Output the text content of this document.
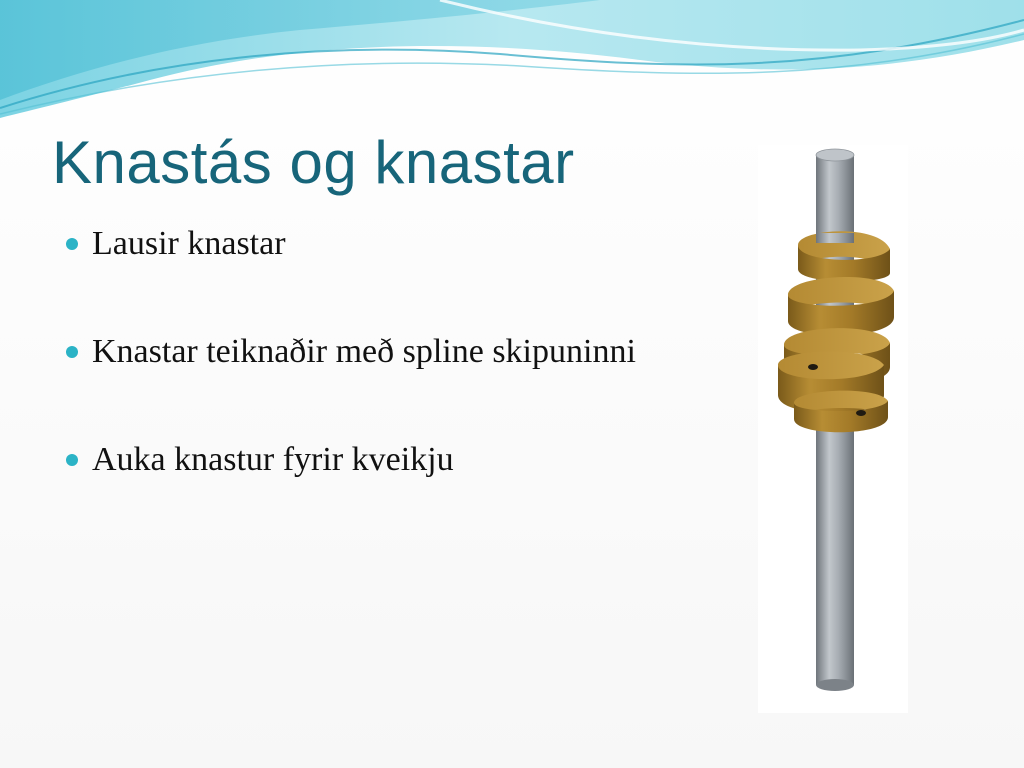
Knastás og knastar
Lausir knastar
Knastar teiknaðir með spline skipuninni
Auka knastur fyrir kveikju
